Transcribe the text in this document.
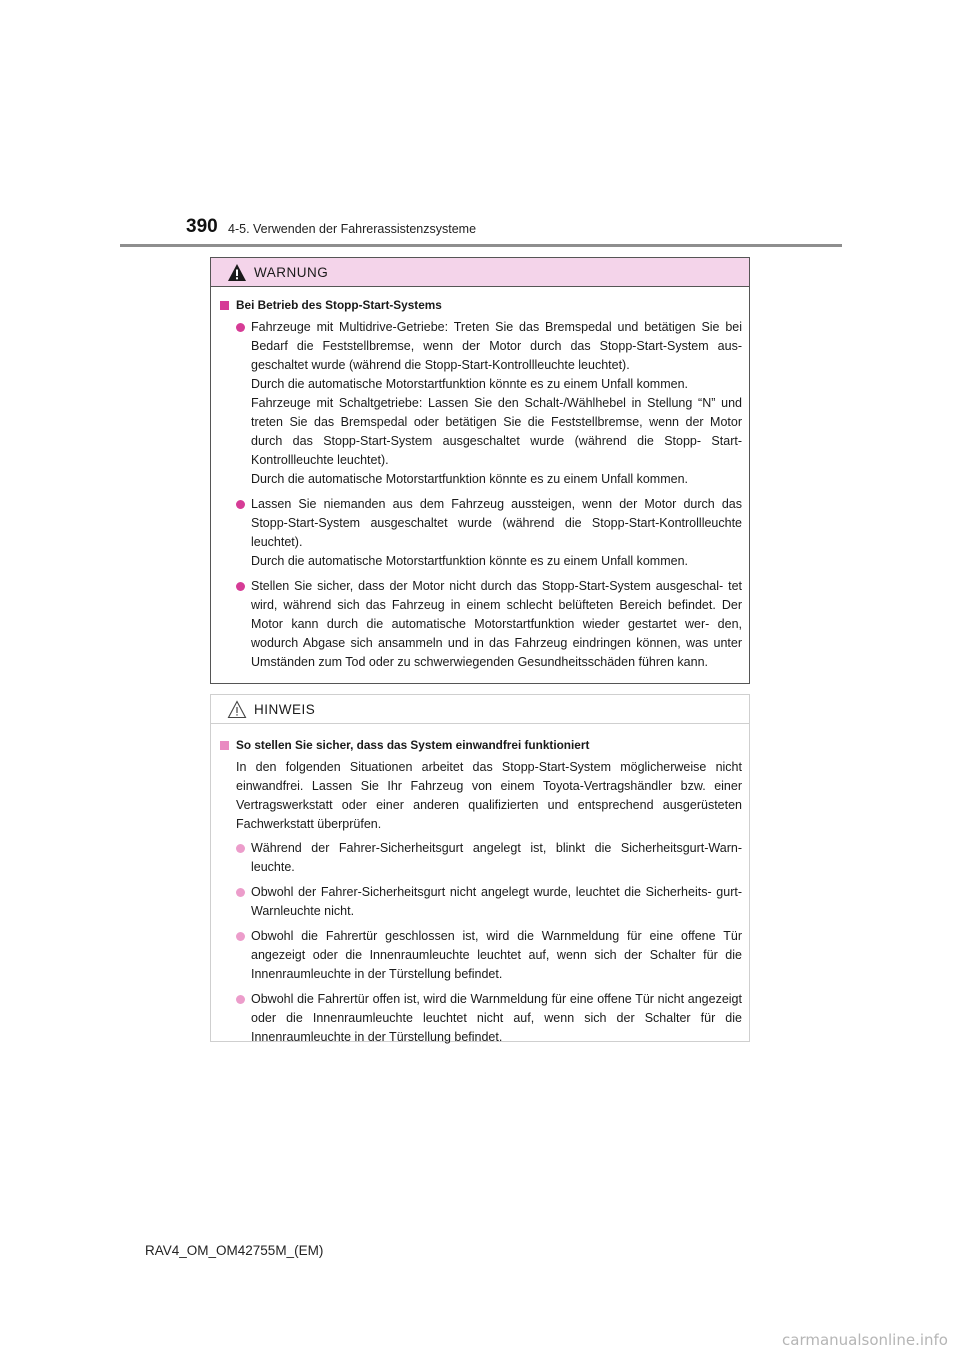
390 4-5. Verwenden der Fahrerassistenzsysteme
WARNUNG
Bei Betrieb des Stopp-Start-Systems

Fahrzeuge mit Multidrive-Getriebe: Treten Sie das Bremspedal und betätigen Sie bei Bedarf die Feststellbremse, wenn der Motor durch das Stopp-Start-System aus- geschaltet wurde (während die Stopp-Start-Kontrollleuchte leuchtet).

Durch die automatische Motorstartfunktion könnte es zu einem Unfall kommen.

Fahrzeuge mit Schaltgetriebe: Lassen Sie den Schalt-/Wählhebel in Stellung “N” und treten Sie das Bremspedal oder betätigen Sie die Feststellbremse, wenn der Motor durch das Stopp-Start-System ausgeschaltet wurde (während die Stopp- Start-Kontrollleuchte leuchtet).

Durch die automatische Motorstartfunktion könnte es zu einem Unfall kommen.

Lassen Sie niemanden aus dem Fahrzeug aussteigen, wenn der Motor durch das Stopp-Start-System ausgeschaltet wurde (während die Stopp-Start-Kontrollleuchte leuchtet).

Durch die automatische Motorstartfunktion könnte es zu einem Unfall kommen.

Stellen Sie sicher, dass der Motor nicht durch das Stopp-Start-System ausgeschal- tet wird, während sich das Fahrzeug in einem schlecht belüfteten Bereich befindet. Der Motor kann durch die automatische Motorstartfunktion wieder gestartet wer- den, wodurch Abgase sich ansammeln und in das Fahrzeug eindringen können, was unter Umständen zum Tod oder zu schwerwiegenden Gesundheitsschäden führen kann.

HINWEIS
So stellen Sie sicher, dass das System einwandfrei funktioniert

In den folgenden Situationen arbeitet das Stopp-Start-System möglicherweise nicht einwandfrei. Lassen Sie Ihr Fahrzeug von einem Toyota-Vertragshändler bzw. einer Vertragswerkstatt oder einer anderen qualifizierten und entsprechend ausgerüsteten Fachwerkstatt überprüfen.

Während der Fahrer-Sicherheitsgurt angelegt ist, blinkt die Sicherheitsgurt-Warn- leuchte.

Obwohl der Fahrer-Sicherheitsgurt nicht angelegt wurde, leuchtet die Sicherheits- gurt-Warnleuchte nicht.

Obwohl die Fahrertür geschlossen ist, wird die Warnmeldung für eine offene Tür angezeigt oder die Innenraumleuchte leuchtet auf, wenn sich der Schalter für die Innenraumleuchte in der Türstellung befindet.

Obwohl die Fahrertür offen ist, wird die Warnmeldung für eine offene Tür nicht angezeigt oder die Innenraumleuchte leuchtet nicht auf, wenn sich der Schalter für die Innenraumleuchte in der Türstellung befindet.

RAV4_OM_OM42755M_(EM)
carmanualsonline.info
